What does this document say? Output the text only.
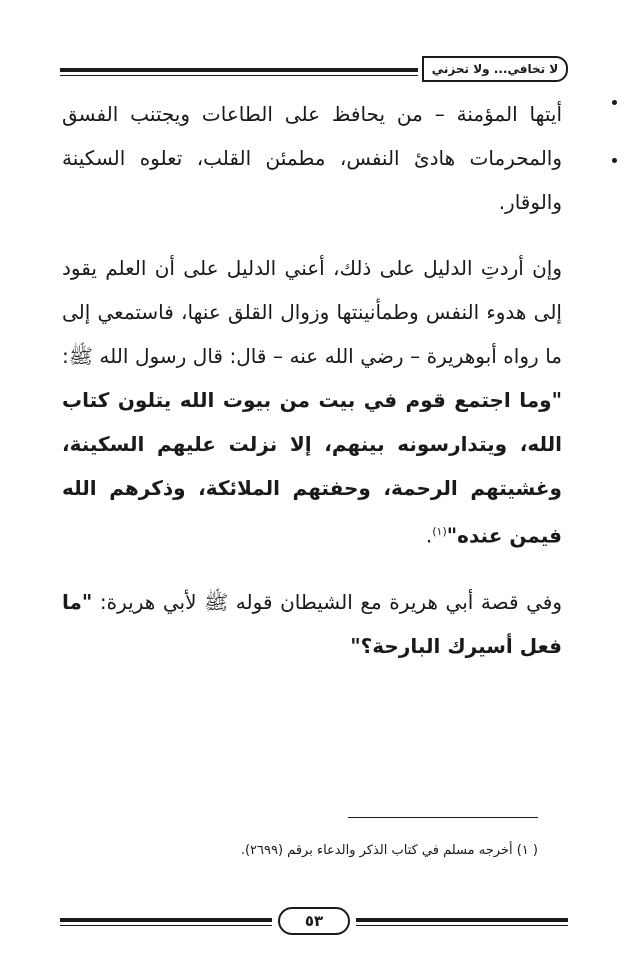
لا تخافي... ولا تحزني

أيتها المؤمنة – من يحافظ على الطاعات ويجتنب الفسق والمحرمات هادئ النفس، مطمئن القلب، تعلوه السكينة والوقار.

وإن أردتِ الدليل على ذلك، أعني الدليل على أن العلم يقود إلى هدوء النفس وطمأنينتها وزوال القلق عنها، فاستمعي إلى ما رواه أبوهريرة – رضي الله عنه – قال: قال رسول الله ﷺ: "وما اجتمع قوم في بيت من بيوت الله يتلون كتاب الله، ويتدارسونه بينهم، إلا نزلت عليهم السكينة، وغشيتهم الرحمة، وحفتهم الملائكة، وذكرهم الله فيمن عنده"$^{(١)}$.

وفي قصة أبي هريرة مع الشيطان قوله ﷺ لأبي هريرة: "ما فعل أسيرك البارحة؟"

( ١) أخرجه مسلم في كتاب الذكر والدعاء برقم (٢٦٩٩).
٥٣
